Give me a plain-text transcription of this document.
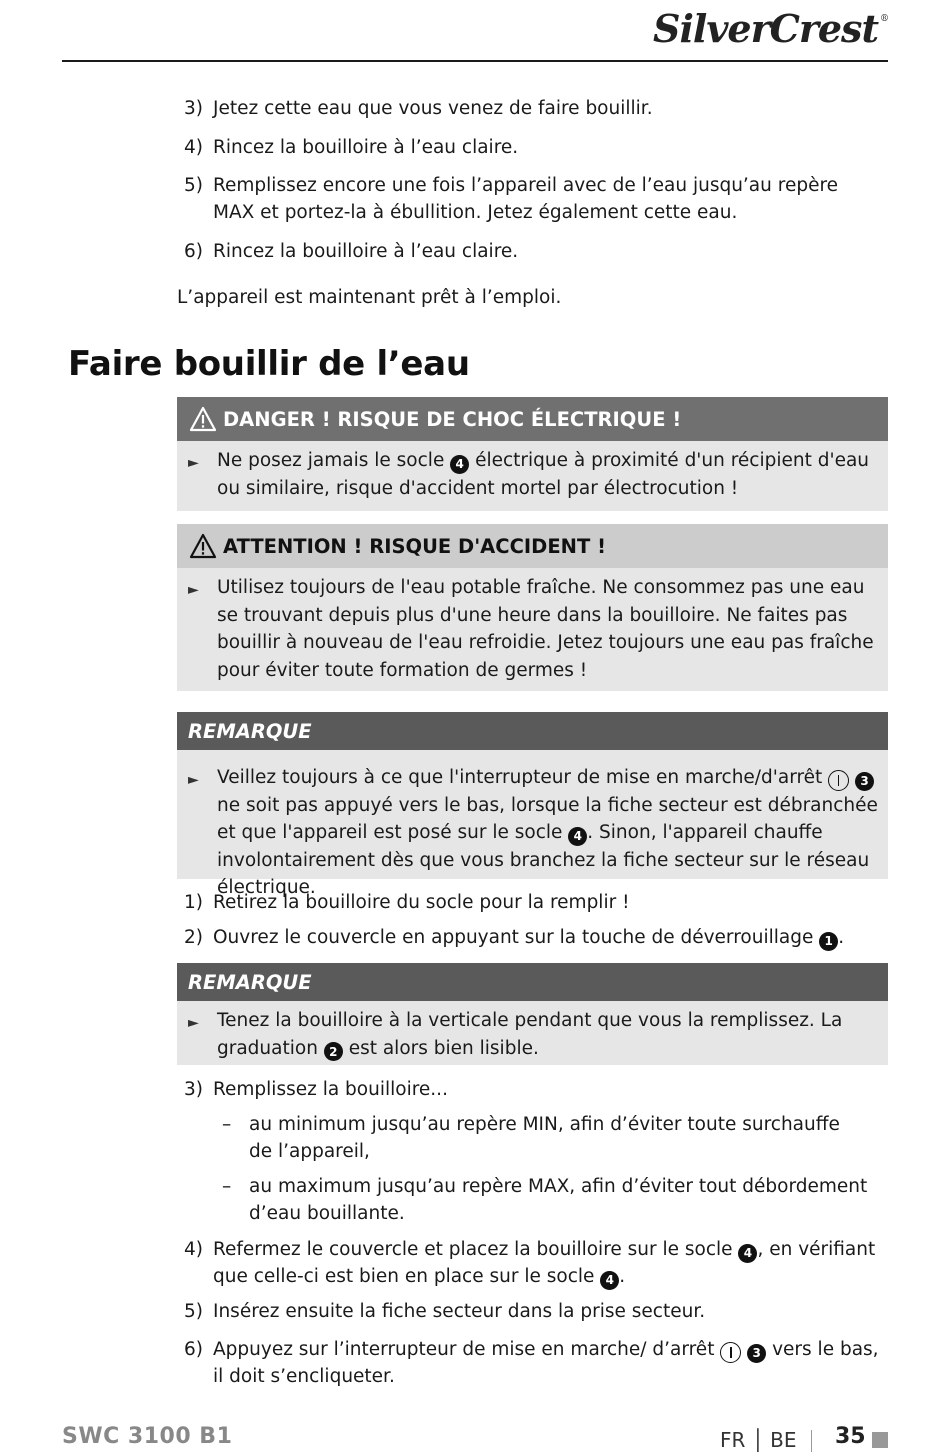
SilverCrest ®
3) Jetez cette eau que vous venez de faire bouillir.
4) Rincez la bouilloire à l’eau claire.
5) Remplissez encore une fois l’appareil avec de l’eau jusqu’au repère MAX et portez-la à ébullition. Jetez également cette eau.
6) Rincez la bouilloire à l’eau claire.
L’appareil est maintenant prêt à l’emploi.
Faire bouillir de l’eau
DANGER ! RISQUE DE CHOC ÉLECTRIQUE !
► Ne posez jamais le socle 4 électrique à proximité d'un récipient d'eau ou similaire, risque d'accident mortel par électrocution !
ATTENTION ! RISQUE D'ACCIDENT !
► Utilisez toujours de l'eau potable fraîche. Ne consommez pas une eau se trouvant depuis plus d'une heure dans la bouilloire. Ne faites pas bouillir à nouveau de l'eau refroidie. Jetez toujours une eau pas fraîche pour éviter toute formation de germes !
REMARQUE
► Veillez toujours à ce que l'interrupteur de mise en marche/d'arrêt	3 ne soit pas appuyé vers le bas, lorsque la fiche secteur est débranchée et que l'appareil est posé sur le socle 4 . Sinon, l'appareil chauffe involontairement dès que vous branchez la fiche secteur sur le réseau électrique.
1) Retirez la bouilloire du socle pour la remplir !
2) Ouvrez le couvercle en appuyant sur la touche de déverrouillage 1 .
REMARQUE
► Tenez la bouilloire à la verticale pendant que vous la remplissez. La graduation 2 est alors bien lisible.
3) Remplissez la bouilloire...
– au minimum jusqu’au repère MIN, afin d’éviter toute surchauffe de l’appareil,
– au maximum jusqu’au repère MAX, afin d’éviter tout débordement d’eau bouillante.
4) Refermez le couvercle et placez la bouilloire sur le socle 4 , en vérifiant que celle-ci est bien en place sur le socle 4 .
5) Insérez ensuite la fiche secteur dans la prise secteur.
6) Appuyez sur l’interrupteur de mise en marche/ d’arrêt	3 vers le bas, il doit s’encliqueter.
SWC 3100 B1	FR │ BE 35
